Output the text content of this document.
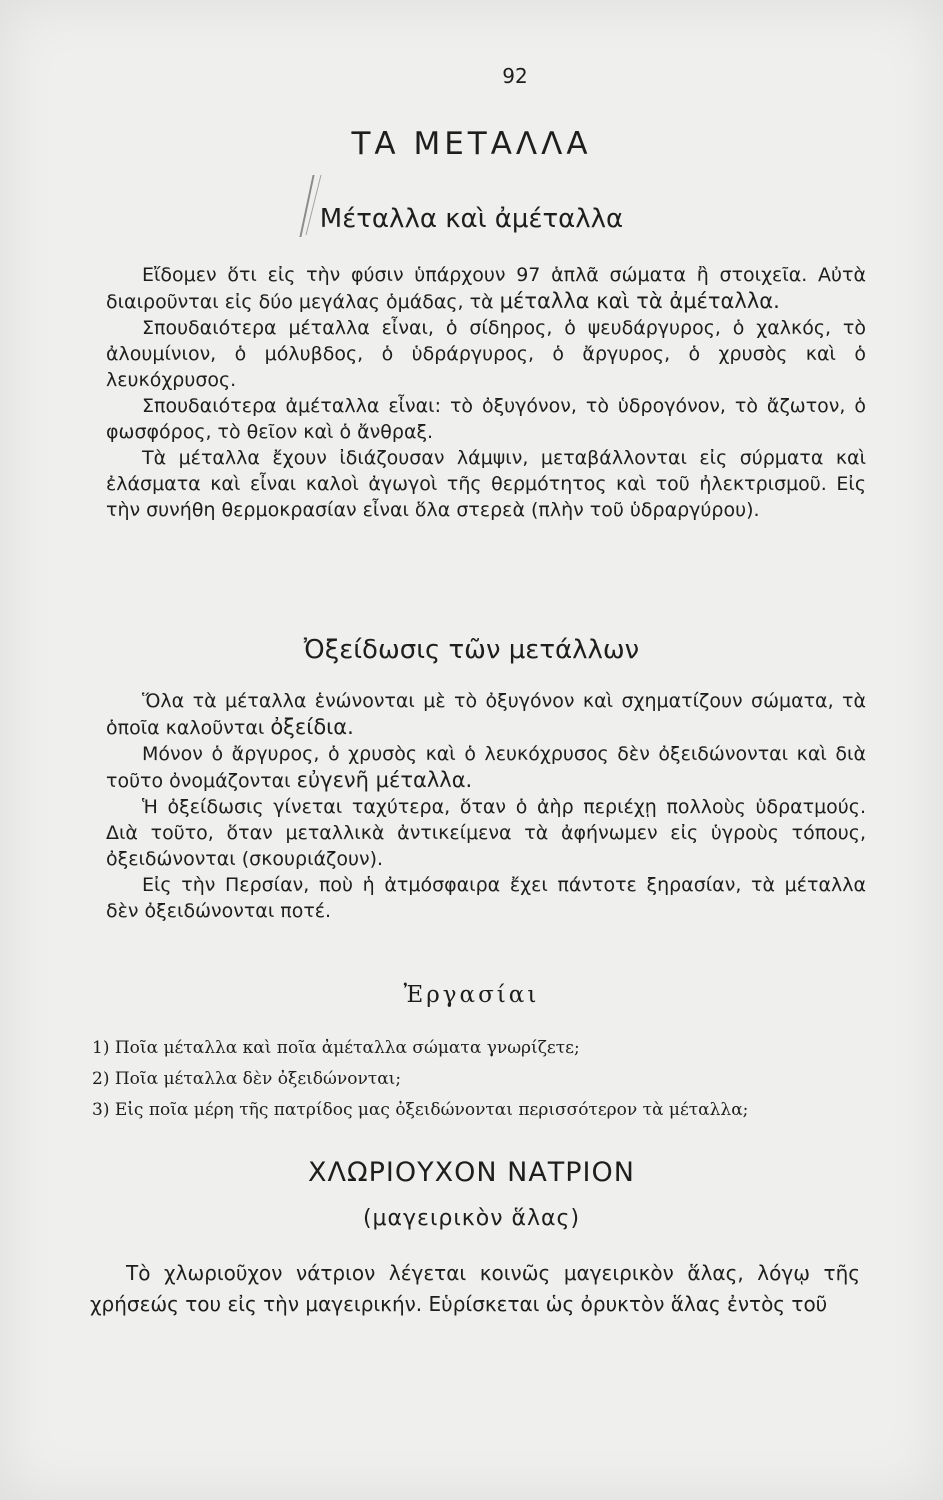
92
ΤΑ ΜΕΤΑΛΛΑ
Μέταλλα καὶ ἀμέταλλα

Εἴδομεν ὅτι εἰς τὴν φύσιν ὑπάρχουν 97 ἁπλᾶ σώματα ἢ στοιχεῖα. Αὐτὰ διαιροῦνται εἰς δύο μεγάλας ὁμάδας, τὰ μέταλλα καὶ τὰ ἀμέταλλα.

Σπουδαιότερα μέταλλα εἶναι, ὁ σίδηρος, ὁ ψευδάργυρος, ὁ χαλκός, τὸ ἀλουμίνιον, ὁ μόλυβδος, ὁ ὑδράργυρος, ὁ ἄργυρος, ὁ χρυσὸς καὶ ὁ λευκόχρυσος.

Σπουδαιότερα ἀμέταλλα εἶναι: τὸ ὀξυγόνον, τὸ ὑδρογόνον, τὸ ἄζωτον, ὁ φωσφόρος, τὸ θεῖον καὶ ὁ ἄνθραξ.

Τὰ μέταλλα ἔχουν ἰδιάζουσαν λάμψιν, μεταβάλλονται εἰς σύρματα καὶ ἐλάσματα καὶ εἶναι καλοὶ ἀγωγοὶ τῆς θερμότητος καὶ τοῦ ἠλεκτρισμοῦ. Εἰς τὴν συνήθη θερμοκρασίαν εἶναι ὅλα στερεὰ (πλὴν τοῦ ὑδραργύρου).

Ὀξείδωσις τῶν μετάλλων

Ὅλα τὰ μέταλλα ἑνώνονται μὲ τὸ ὀξυγόνον καὶ σχηματίζουν σώματα, τὰ ὁποῖα καλοῦνται ὀξείδια.

Μόνον ὁ ἄργυρος, ὁ χρυσὸς καὶ ὁ λευκόχρυσος δὲν ὀξειδώνονται καὶ διὰ τοῦτο ὀνομάζονται εὐγενῆ μέταλλα.

Ἡ ὀξείδωσις γίνεται ταχύτερα, ὅταν ὁ ἀὴρ περιέχῃ πολλοὺς ὑδρατμούς. Διὰ τοῦτο, ὅταν μεταλλικὰ ἀντικείμενα τὰ ἀφήνωμεν εἰς ὑγροὺς τόπους, ὀξειδώνονται (σκουριάζουν).

Εἰς τὴν Περσίαν, ποὺ ἡ ἀτμόσφαιρα ἔχει πάντοτε ξηρασίαν, τὰ μέταλλα δὲν ὀξειδώνονται ποτέ.

Ἐργασίαι
1) Ποῖα μέταλλα καὶ ποῖα ἀμέταλλα σώματα γνωρίζετε;
2) Ποῖα μέταλλα δὲν ὀξειδώνονται;
3) Εἰς ποῖα μέρη τῆς πατρίδος μας ὀξειδώνονται περισσότερον τὰ μέταλλα;
ΧΛΩΡΙΟΥΧΟΝ ΝΑΤΡΙΟΝ
(μαγειρικὸν ἅλας)

Τὸ χλωριοῦχον νάτριον λέγεται κοινῶς μαγειρικὸν ἅλας, λόγῳ τῆς χρήσεώς του εἰς τὴν μαγειρικήν. Εὑρίσκεται ὡς ὀρυκτὸν ἅλας ἐντὸς τοῦ
